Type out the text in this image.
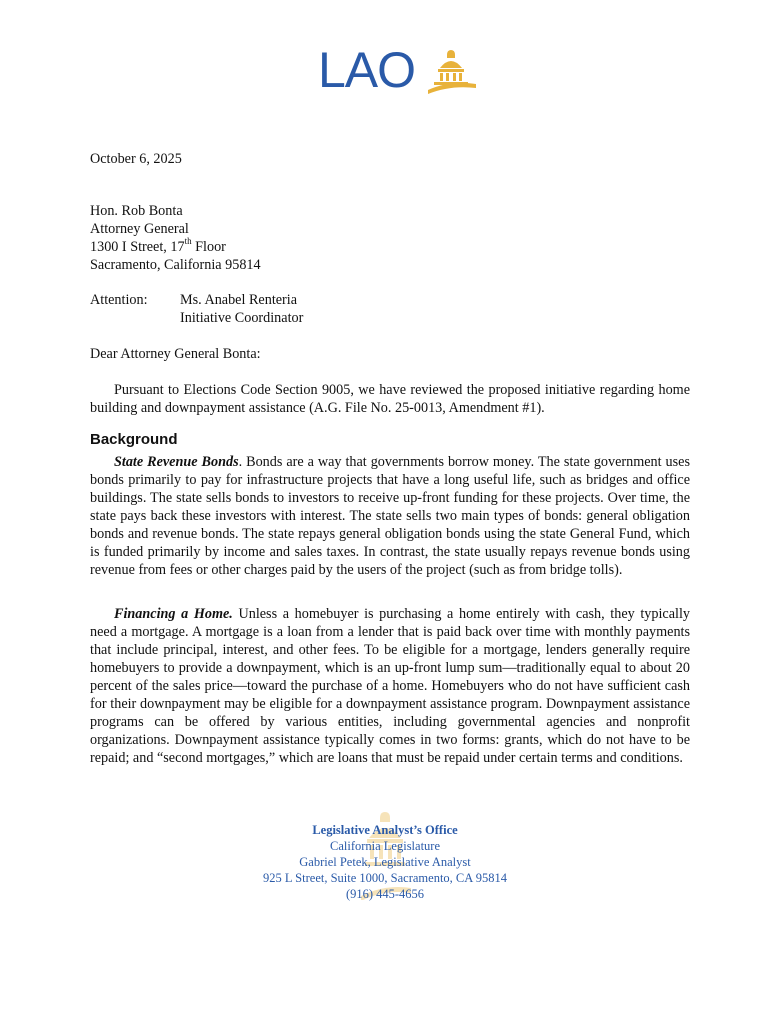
LAO
October 6, 2025
Hon. Rob Bonta
Attorney General
1300 I Street, 17th Floor
Sacramento, California 95814
Attention:	Ms. Anabel Renteria
Initiative Coordinator
Dear Attorney General Bonta:
Pursuant to Elections Code Section 9005, we have reviewed the proposed initiative regarding home building and downpayment assistance (A.G. File No. 25-0013, Amendment #1).
Background
State Revenue Bonds. Bonds are a way that governments borrow money. The state government uses bonds primarily to pay for infrastructure projects that have a long useful life, such as bridges and office buildings. The state sells bonds to investors to receive up-front funding for these projects. Over time, the state pays back these investors with interest. The state sells two main types of bonds: general obligation bonds and revenue bonds. The state repays general obligation bonds using the state General Fund, which is funded primarily by income and sales taxes. In contrast, the state usually repays revenue bonds using revenue from fees or other charges paid by the users of the project (such as from bridge tolls).
Financing a Home. Unless a homebuyer is purchasing a home entirely with cash, they typically need a mortgage. A mortgage is a loan from a lender that is paid back over time with monthly payments that include principal, interest, and other fees. To be eligible for a mortgage, lenders generally require homebuyers to provide a downpayment, which is an up-front lump sum—traditionally equal to about 20 percent of the sales price—toward the purchase of a home. Homebuyers who do not have sufficient cash for their downpayment may be eligible for a downpayment assistance program. Downpayment assistance programs can be offered by various entities, including governmental agencies and nonprofit organizations. Downpayment assistance typically comes in two forms: grants, which do not have to be repaid; and “second mortgages,” which are loans that must be repaid under certain terms and conditions.
Legislative Analyst’s Office
California Legislature
Gabriel Petek, Legislative Analyst
925 L Street, Suite 1000, Sacramento, CA 95814
(916) 445-4656
